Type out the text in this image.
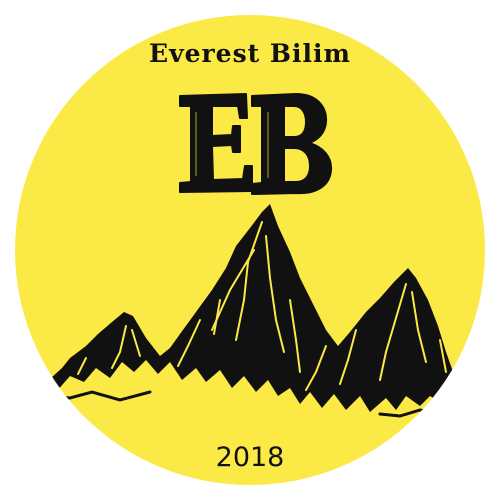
Everest Bilim
2018
